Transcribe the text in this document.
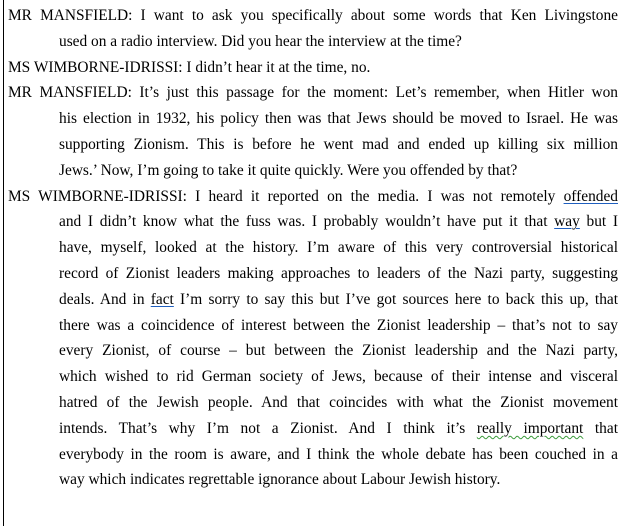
MR MANSFIELD: I want to ask you specifically about some words that Ken Livingstone
used on a radio interview. Did you hear the interview at the time?

MS WIMBORNE-IDRISSI: I didn’t hear it at the time, no.

MR MANSFIELD: It’s just this passage for the moment: Let’s remember, when Hitler won
his election in 1932, his policy then was that Jews should be moved to Israel. He was
supporting Zionism. This is before he went mad and ended up killing six million
Jews.’ Now, I’m going to take it quite quickly. Were you offended by that?

MS WIMBORNE-IDRISSI: I heard it reported on the media. I was not remotely offended
and I didn’t know what the fuss was. I probably wouldn’t have put it that way but I
have, myself, looked at the history. I’m aware of this very controversial historical
record of Zionist leaders making approaches to leaders of the Nazi party, suggesting
deals. And in fact I’m sorry to say this but I’ve got sources here to back this up, that
there was a coincidence of interest between the Zionist leadership – that’s not to say
every Zionist, of course – but between the Zionist leadership and the Nazi party,
which wished to rid German society of Jews, because of their intense and visceral
hatred of the Jewish people. And that coincides with what the Zionist movement
intends. That’s why I’m not a Zionist. And I think it’s really important that
everybody in the room is aware, and I think the whole debate has been couched in a
way which indicates regrettable ignorance about Labour Jewish history.
